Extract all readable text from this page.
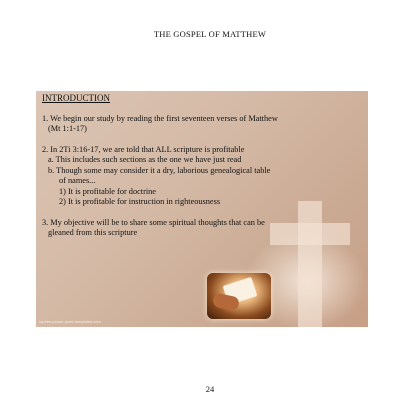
THE GOSPEL OF MATTHEW

INTRODUCTION

1. We begin our study by reading the first seventeen verses of Matthew

(Mt 1:1-17)

2. In 2Ti 3:16-17, we are told that ALL scripture is profitable

a. This includes such sections as the one we have just read

b. Though some may consider it a dry, laborious genealogical table

of names...

1) It is profitable for doctrine

2) It is profitable for instruction in righteousness

3. My objective will be to share some spiritual thoughts that can be

gleaned from this scripture

ca.free-power-point-templates.com
24
